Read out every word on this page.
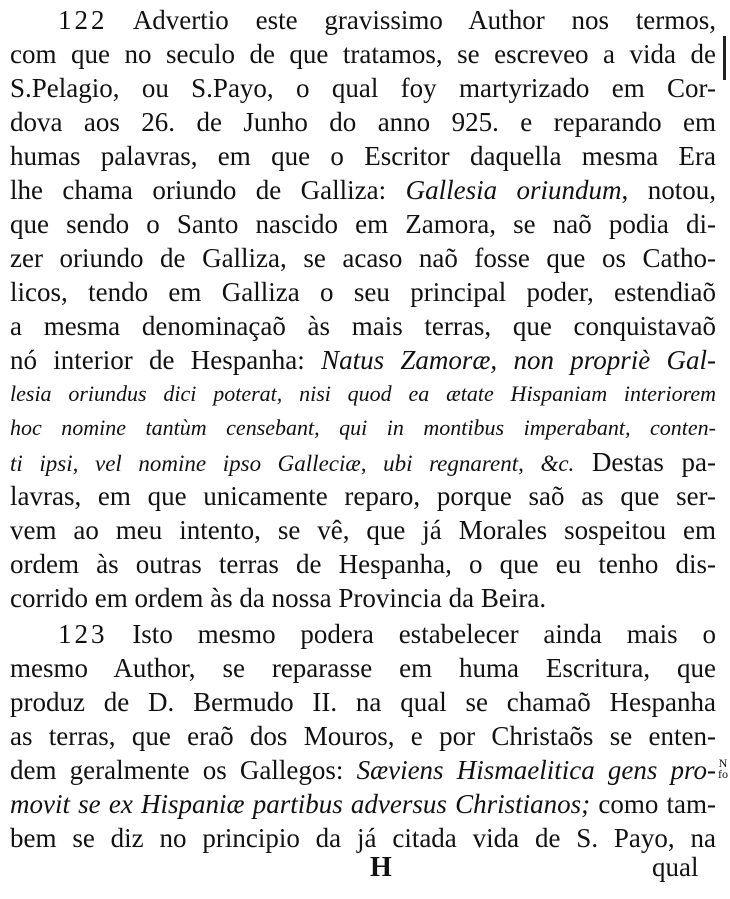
122 Advertio este gravissimo Author nos termos,
com que no seculo de que tratamos, se escreveo a vida de
S.Pelagio, ou S.Payo, o qual foy martyrizado em Cor-
dova aos 26. de Junho do anno 925. e reparando em
humas palavras, em que o Escritor daquella mesma Era
lhe chama oriundo de Galliza: Gallesia oriundum, notou,
que sendo o Santo nascido em Zamora, se naõ podia di-
zer oriundo de Galliza, se acaso naõ fosse que os Catho-
licos, tendo em Galliza o seu principal poder, estendiaõ
a mesma denominaçaõ às mais terras, que conquistavaõ
nó interior de Hespanha: Natus Zamoræ, non propriè Gal-
lesia oriundus dici poterat, nisi quod ea ætate Hispaniam interiorem
hoc nomine tantùm censebant, qui in montibus imperabant, conten-
ti ipsi, vel nomine ipso Galleciæ, ubi regnarent, &c. Destas pa-
lavras, em que unicamente reparo, porque saõ as que ser-
vem ao meu intento, se vê, que já Morales sospeitou em
ordem às outras terras de Hespanha, o que eu tenho dis-
corrido em ordem às da nossa Provincia da Beira.
123 Isto mesmo podera estabelecer ainda mais o
mesmo Author, se reparasse em huma Escritura, que
produz de D. Bermudo II. na qual se chamaõ Hespanha
as terras, que eraõ dos Mouros, e por Christaõs se enten-
dem geralmente os Gallegos: Sæviens Hismaelitica gens pro-
movit se ex Hispaniæ partibus adversus Christianos; como tam-
bem se diz no principio da já citada vida de S. Payo, na
H	qual
N fo
